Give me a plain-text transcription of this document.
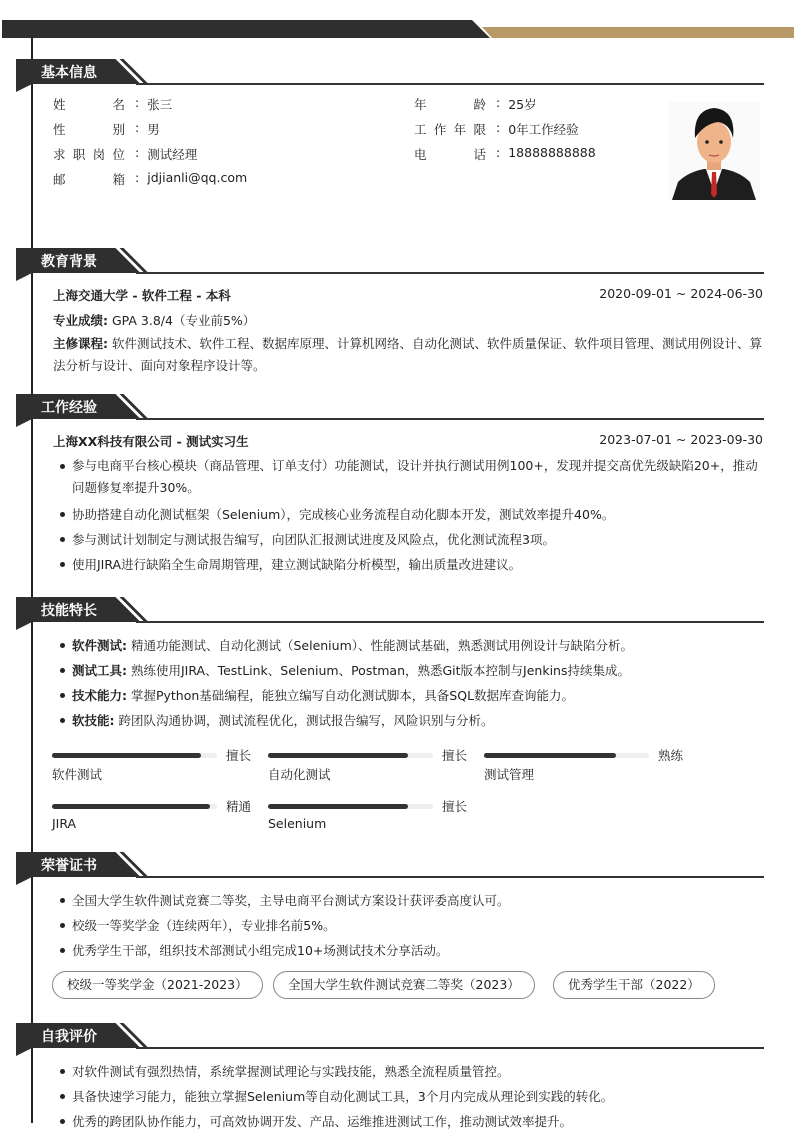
基本信息
教育背景
工作经验
技能特长
荣誉证书
自我评价
姓名 : 张三
性别 : 男
求职岗位 : 测试经理
邮箱 : jdjianli@qq.com
年龄 : 25岁
工作年限 : 0年工作经验
电话 : 18888888888
上海交通大学 - 软件工程 - 本科	2020-09-01 ~ 2024-06-30
专业成绩: GPA 3.8/4（专业前5%）
主修课程: 软件测试技术、软件工程、数据库原理、计算机网络、自动化测试、软件质量保证、软件项目管理、测试用例设计、算法分析与设计、面向对象程序设计等。
上海XX科技有限公司 - 测试实习生	2023-07-01 ~ 2023-09-30
参与电商平台核心模块（商品管理、订单支付）功能测试，设计并执行测试用例100+，发现并提交高优先级缺陷20+，推动问题修复率提升30%。
协助搭建自动化测试框架（Selenium），完成核心业务流程自动化脚本开发，测试效率提升40%。
参与测试计划制定与测试报告编写，向团队汇报测试进度及风险点，优化测试流程3项。
使用JIRA进行缺陷全生命周期管理，建立测试缺陷分析模型，输出质量改进建议。
软件测试: 精通功能测试、自动化测试（Selenium）、性能测试基础，熟悉测试用例设计与缺陷分析。
测试工具: 熟练使用JIRA、TestLink、Selenium、Postman，熟悉Git版本控制与Jenkins持续集成。
技术能力: 掌握Python基础编程，能独立编写自动化测试脚本，具备SQL数据库查询能力。
软技能: 跨团队沟通协调，测试流程优化，测试报告编写，风险识别与分析。
擅长
软件测试
擅长
自动化测试
熟练
测试管理
精通
JIRA
擅长
Selenium
全国大学生软件测试竞赛二等奖，主导电商平台测试方案设计获评委高度认可。
校级一等奖学金（连续两年），专业排名前5%。
优秀学生干部，组织技术部测试小组完成10+场测试技术分享活动。
校级一等奖学金（2021-2023）	全国大学生软件测试竞赛二等奖（2023）	优秀学生干部（2022）
对软件测试有强烈热情，系统掌握测试理论与实践技能，熟悉全流程质量管控。
具备快速学习能力，能独立掌握Selenium等自动化测试工具，3个月内完成从理论到实践的转化。
优秀的跨团队协作能力，可高效协调开发、产品、运维推进测试工作，推动测试效率提升。
